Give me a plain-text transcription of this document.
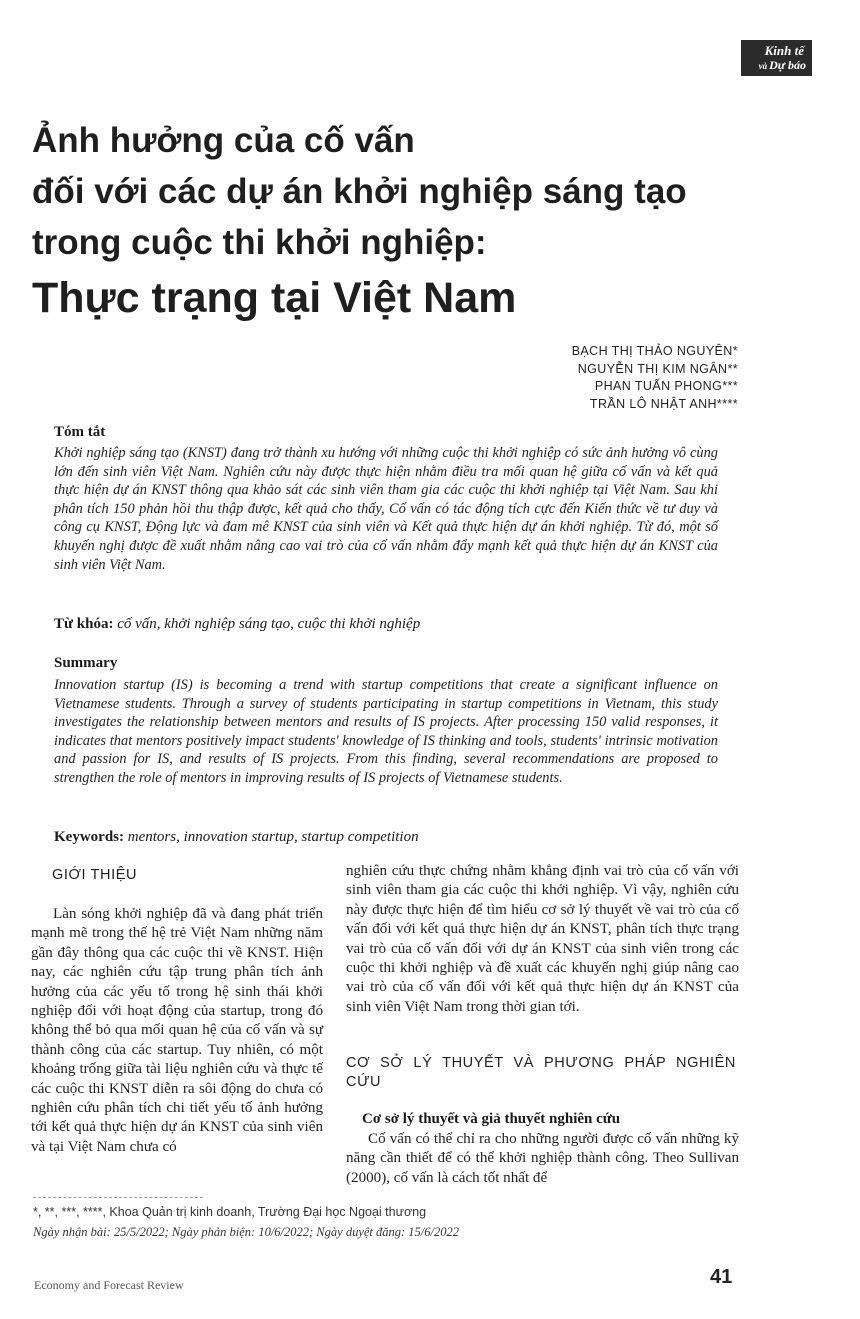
Kinh tế
và Dự báo
Ảnh hưởng của cố vấn
đối với các dự án khởi nghiệp sáng tạo
trong cuộc thi khởi nghiệp:
Thực trạng tại Việt Nam
BẠCH THỊ THẢO NGUYÊN*
NGUYỄN THỊ KIM NGÂN**
PHAN TUẤN PHONG***
TRẦN LÔ NHẬT ANH****
Tóm tắt
Khởi nghiệp sáng tạo (KNST) đang trở thành xu hướng với những cuộc thi khởi nghiệp có sức ảnh hưởng vô cùng lớn đến sinh viên Việt Nam. Nghiên cứu này được thực hiện nhằm điều tra mối quan hệ giữa cố vấn và kết quả thực hiện dự án KNST thông qua khảo sát các sinh viên tham gia các cuộc thi khởi nghiệp tại Việt Nam. Sau khi phân tích 150 phản hồi thu thập được, kết quả cho thấy, Cố vấn có tác động tích cực đến Kiến thức về tư duy và công cụ KNST, Động lực và đam mê KNST của sinh viên và Kết quả thực hiện dự án khởi nghiệp. Từ đó, một số khuyến nghị được đề xuất nhằm nâng cao vai trò của cố vấn nhằm đẩy mạnh kết quả thực hiện dự án KNST của sinh viên Việt Nam.
Từ khóa: cố vấn, khởi nghiệp sáng tạo, cuộc thi khởi nghiệp
Summary
Innovation startup (IS) is becoming a trend with startup competitions that create a significant influence on Vietnamese students. Through a survey of students participating in startup competitions in Vietnam, this study investigates the relationship between mentors and results of IS projects. After processing 150 valid responses, it indicates that mentors positively impact students' knowledge of IS thinking and tools, students' intrinsic motivation and passion for IS, and results of IS projects. From this finding, several recommendations are proposed to strengthen the role of mentors in improving results of IS projects of Vietnamese students.
Keywords: mentors, innovation startup, startup competition
GIỚI THIỆU

Làn sóng khởi nghiệp đã và đang phát triển mạnh mẽ trong thế hệ trẻ Việt Nam những năm gần đây thông qua các cuộc thi về KNST. Hiện nay, các nghiên cứu tập trung phân tích ảnh hưởng của các yếu tố trong hệ sinh thái khởi nghiệp đối với hoạt động của startup, trong đó không thể bỏ qua mối quan hệ của cố vấn và sự thành công của các startup. Tuy nhiên, có một khoảng trống giữa tài liệu nghiên cứu và thực tế các cuộc thi KNST diễn ra sôi động do chưa có nghiên cứu phân tích chi tiết yếu tố ảnh hưởng tới kết quả thực hiện dự án KNST của sinh viên và tại Việt Nam chưa có

nghiên cứu thực chứng nhằm khẳng định vai trò của cố vấn với sinh viên tham gia các cuộc thi khởi nghiệp. Vì vậy, nghiên cứu này được thực hiện để tìm hiểu cơ sở lý thuyết về vai trò của cố vấn đối với kết quả thực hiện dự án KNST, phân tích thực trạng vai trò của cố vấn đối với dự án KNST của sinh viên trong các cuộc thi khởi nghiệp và đề xuất các khuyến nghị giúp nâng cao vai trò của cố vấn đối với kết quả thực hiện dự án KNST của sinh viên Việt Nam trong thời gian tới.

CƠ SỞ LÝ THUYẾT VÀ PHƯƠNG PHÁP NGHIÊN CỨU
Cơ sở lý thuyết và giả thuyết nghiên cứu

Cố vấn có thể chỉ ra cho những người được cố vấn những kỹ năng cần thiết để có thể khởi nghiệp thành công. Theo Sullivan (2000), cố vấn là cách tốt nhất để

*, **, ***, ****, Khoa Quản trị kinh doanh, Trường Đại học Ngoại thương
Ngày nhận bài: 25/5/2022; Ngày phản biện: 10/6/2022; Ngày duyệt đăng: 15/6/2022
Economy and Forecast Review	41
